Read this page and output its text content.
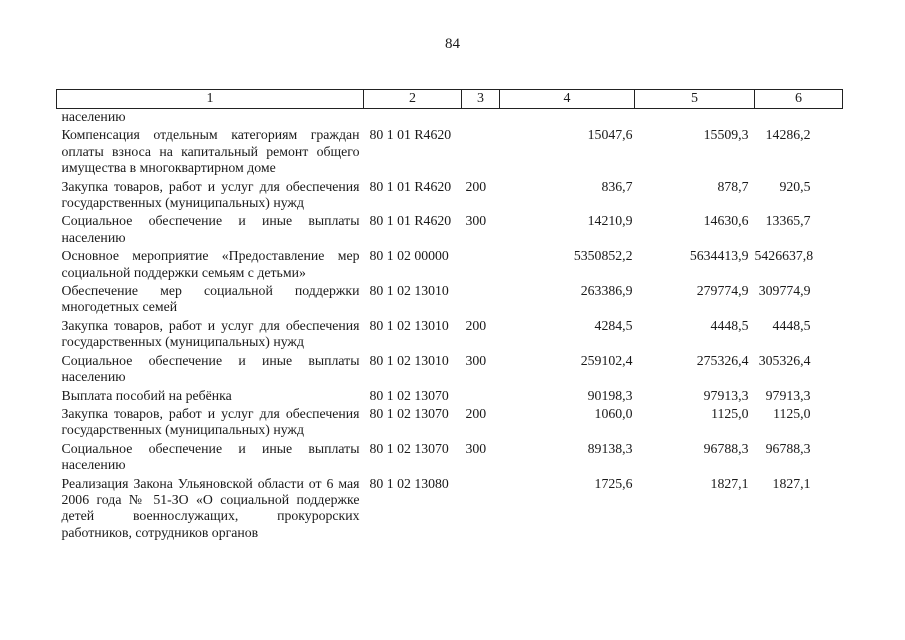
84
1	2	3	4	5	6
населению					
Компенсация отдельным категориям граждан оплаты взноса на капитальный ремонт общего имущества в многоквартирном доме	80 1 01 R4620		15047,6	15509,3	14286,2
Закупка товаров, работ и услуг для обеспечения государственных (муниципальных) нужд	80 1 01 R4620	200	836,7	878,7	920,5
Социальное обеспечение и иные выплаты населению	80 1 01 R4620	300	14210,9	14630,6	13365,7
Основное мероприятие «Предоставление мер социальной поддержки семьям с детьми»	80 1 02 00000		5350852,2	5634413,9	5426637,8
Обеспечение мер социальной поддержки многодетных семей	80 1 02 13010		263386,9	279774,9	309774,9
Закупка товаров, работ и услуг для обеспечения государственных (муниципальных) нужд	80 1 02 13010	200	4284,5	4448,5	4448,5
Социальное обеспечение и иные выплаты населению	80 1 02 13010	300	259102,4	275326,4	305326,4
Выплата пособий на ребёнка	80 1 02 13070		90198,3	97913,3	97913,3
Закупка товаров, работ и услуг для обеспечения государственных (муниципальных) нужд	80 1 02 13070	200	1060,0	1125,0	1125,0
Социальное обеспечение и иные выплаты населению	80 1 02 13070	300	89138,3	96788,3	96788,3
Реализация Закона Ульяновской области от 6 мая 2006 года № 51-ЗО «О социальной поддержке детей военнослужащих, прокурорских работников, сотрудников органов	80 1 02 13080		1725,6	1827,1	1827,1
